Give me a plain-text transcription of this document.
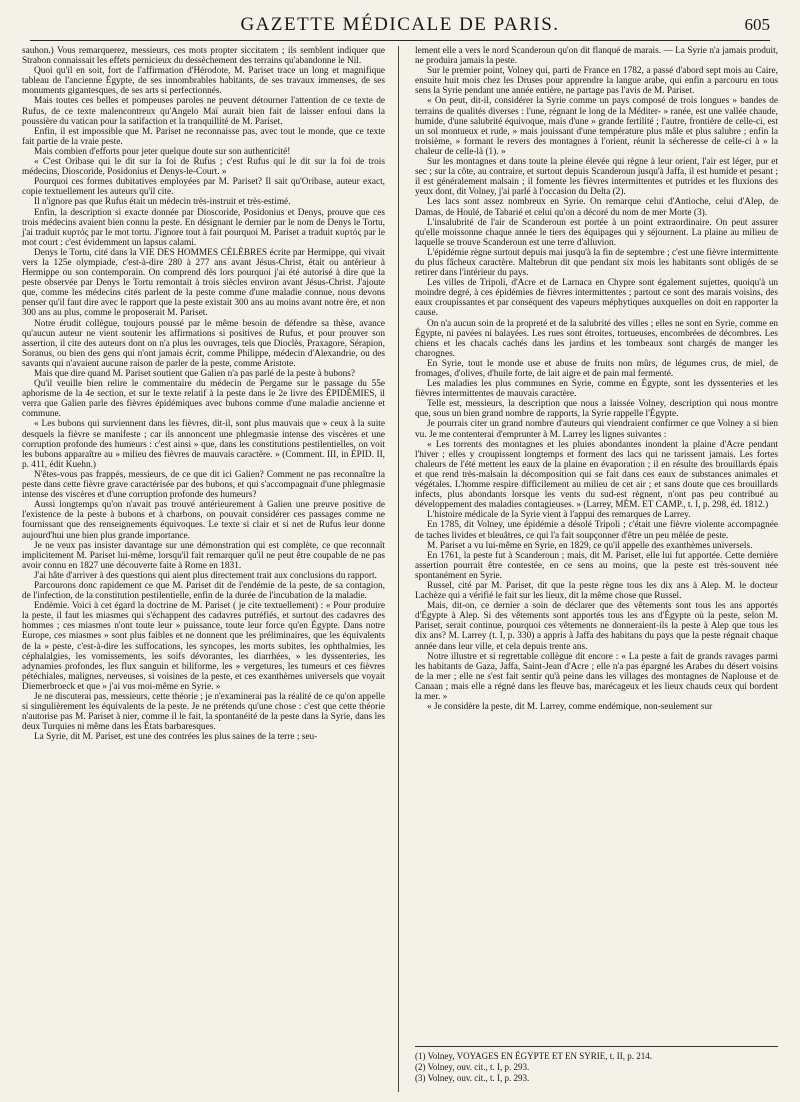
GAZETTE MÉDICALE DE PARIS.	605

sauhon.) Vous remarquerez, messieurs, ces mots propter siccitatem ; ils semblent indiquer que Strabon connaissait les effets pernicieux du dessèchement des terrains qu'abandonne le Nil.

Quoi qu'il en soit, fort de l'affirmation d'Hérodote, M. Pariset trace un long et magnifique tableau de l'ancienne Égypte, de ses innombrables habitants, de ses travaux immenses, de ses monuments gigantesques, de ses arts si perfectionnés.

Mais toutes ces belles et pompeuses paroles ne peuvent détourner l'attention de ce texte de Rufus, de ce texte malencontreux qu'Angelo Maï aurait bien fait de laisser enfoui dans la poussière du vatican pour la satifaction et la tranquillité de M. Pariset.

Enfin, il est impossible que M. Pariset ne reconnaisse pas, avec tout le monde, que ce texte fait partie de la vraie peste.

Mais combien d'efforts pour jeter quelque doute sur son authenticité!

« C'est Oribase qui le dit sur la foi de Rufus ; c'est Rufus qui le dit sur la foi de trois médecins, Dioscoride, Posidonius et Denys-le-Court. »

Pourquoi ces formes dubitatives employées par M. Pariset? Il sait qu'Oribase, auteur exact, copie textuellement les auteurs qu'il cite.

Il n'ignore pas que Rufus était un médecin très-instruit et très-estimé.

Enfin, la description si exacte donnée par Dioscoride, Posidonius et Denys, prouve que ces trois médecins avaient bien connu la peste. En désignant le dernier par le nom de Denys le Tortu, j'ai traduit κυρτός par le mot tortu. J'ignore tout à fait pourquoi M. Pariset a traduit κυρτός par le mot court : c'est évidemment un lapsus calami.

Denys le Tortu, cité dans la VIE DES HOMMES CÉLÈBRES écrite par Hermippe, qui vivait vers la 125e olympiade, c'est-à-dire 280 à 277 ans avant Jésus-Christ, était ou antérieur à Hermippe ou son contemporain. On comprend dès lors pourquoi j'ai été autorisé à dire que la peste observée par Denys le Tortu remontait à trois siècles environ avant Jésus-Christ. J'ajoute que, comme les médecins cités parlent de la peste comme d'une maladie connue, nous devons penser qu'il faut dire avec le rapport que la peste existait 300 ans au moins avant notre ère, et non 300 ans au plus, comme le proposerait M. Pariset.

Notre érudit collègue, toujours poussé par le même besoin de défendre sa thèse, avance qu'aucun auteur ne vient soutenir les affirmations si positives de Rufus, et pour prouver son assertion, il cite des auteurs dont on n'a plus les ouvrages, tels que Dioclès, Praxagore, Sérapion, Soranus, ou bien des gens qui n'ont jamais écrit, comme Philippe, médecin d'Alexandrie, ou des savants qui n'avaient aucune raison de parler de la peste, comme Aristote.

Mais que dire quand M. Pariset soutient que Galien n'a pas parlé de la peste à bubons?

Qu'il veuille bien relire le commentaire du médecin de Pergame sur le passage du 55e aphorisme de la 4e section, et sur le texte relatif à la peste dans le 2e livre des ÉPIDÉMIES, il verra que Galien parle des fièvres épidémiques avec bubons comme d'une maladie ancienne et commune.

« Les bubons qui surviennent dans les fièvres, dit-il, sont plus mauvais que » ceux à la suite desquels la fièvre se manifeste ; car ils annoncent une phlegmasie intense des viscères et une corruption profonde des humeurs : c'est ainsi » que, dans les constitutions pestilentielles, on voit les bubons apparaître au » milieu des fièvres de mauvais caractère. » (Comment. III, in ÉPID. II, p. 411, édit Kuehn.)

N'êtes-vous pas frappés, messieurs, de ce que dit ici Galien? Comment ne pas reconnaître la peste dans cette fièvre grave caractérisée par des bubons, et qui s'accompagnait d'une phlegmasie intense des viscères et d'une corruption profonde des humeurs?

Aussi longtemps qu'on n'avait pas trouvé antérieurement à Galien une preuve positive de l'existence de la peste à bubons et à charbons, on pouvait considérer ces passages comme ne fournissant que des renseignements équivoques. Le texte si clair et si net de Rufus leur donne aujourd'hui une bien plus grande importance.

Je ne veux pas insister davantage sur une démonstration qui est complète, ce que reconnaît implicitement M. Pariset lui-même, lorsqu'il fait remarquer qu'il ne peut être coupable de ne pas avoir connu en 1827 une découverte faite à Rome en 1831.

J'ai hâte d'arriver à des questions qui aient plus directement trait aux conclusions du rapport.

Parcourons donc rapidement ce que M. Pariset dit de l'endémie de la peste, de sa contagion, de l'infection, de la constitution pestilentielle, enfin de la durée de l'incubation de la maladie.

Endémie. Voici à cet égard la doctrine de M. Pariset ( je cite textuellement) : « Pour produire la peste, il faut les miasmes qui s'échappent des cadavres putréfiés, et surtout des cadavres des hommes ; ces miasmes n'ont toute leur » puissance, toute leur force qu'en Égypte. Dans notre Europe, ces miasmes » sont plus faibles et ne donnent que les préliminaires, que les équivalents de la » peste, c'est-à-dire les suffocations, les syncopes, les morts subites, les ophthalmies, les céphalalgies, les vomissements, les soifs dévorantes, les diarrhées, » les dyssenteries, les adynamies profondes, les flux sanguin et biliforme, les » vergetures, les tumeurs et ces fièvres pétéchiales, malignes, nerveuses, si voisines de la peste, et ces exanthèmes universels que voyait Diemerbroeck et que » j'ai vus moi-même en Syrie. »

Je ne discuterai pas, messieurs, cette théorie ; je n'examinerai pas la réalité de ce qu'on appelle si singulièrement les équivalents de la peste. Je ne prétends qu'une chose : c'est que cette théorie n'autorise pas M. Pariset à nier, comme il le fait, la spontanéité de la peste dans la Syrie, dans les deux Turquies ni même dans les États barbaresques.

La Syrie, dit M. Pariset, est une des contrées les plus saines de la terre ; seu-

lement elle a vers le nord Scanderoun qu'on dit flanqué de marais. — La Syrie n'a jamais produit, ne produira jamais la peste.

Sur le premier point, Volney qui, parti de France en 1782, a passé d'abord sept mois au Caire, ensuite huit mois chez les Druses pour apprendre la langue arabe, qui enfin a parcouru en tous sens la Syrie pendant une année entière, ne partage pas l'avis de M. Pariset.

« On peut, dit-il, considérer la Syrie comme un pays composé de trois longues » bandes de terrains de qualités diverses : l'une, régnant le long de la Méditer- » ranée, est une vallée chaude, humide, d'une salubrité équivoque, mais d'une » grande fertilité ; l'autre, frontière de celle-ci, est un sol montueux et rude, » mais jouissant d'une température plus mâle et plus salubre ; enfin la troisième, » formant le revers des montagnes à l'orient, réunit la sécheresse de celle-ci à » la chaleur de celle-là (1). »

Sur les montagnes et dans toute la pleine élevée qui règne à leur orient, l'air est léger, pur et sec ; sur la côte, au contraire, et surtout depuis Scanderoun jusqu'à Jaffa, il est humide et pesant ; il est généralement malsain ; il fomente les fièvres intermittentes et putrides et les fluxions des yeux dont, dit Volney, j'ai parlé à l'occasion du Delta (2).

Les lacs sont assez nombreux en Syrie. On remarque celui d'Antioche, celui d'Alep, de Damas, de Houlé, de Tabarié et celui qu'on a décoré du nom de mer Morte (3).

L'insalubrité de l'air de Scanderoun est portée à un point extraordinaire. On peut assurer qu'elle moissonne chaque année le tiers des équipages qui y séjournent. La plaine au milieu de laquelle se trouve Scanderoun est une terre d'alluvion.

L'épidémie règne surtout depuis mai jusqu'à la fin de septembre ; c'est une fièvre intermittente du plus fâcheux caractère. Maltebrun dit que pendant six mois les habitants sont obligés de se retirer dans l'intérieur du pays.

Les villes de Tripoli, d'Acre et de Larnaca en Chypre sont également sujettes, quoiqu'à un moindre degré, à ces épidémies de fièvres intermittentes ; partout ce sont des marais voisins, des eaux croupissantes et par conséquent des vapeurs méphytiques auxquelles on doit en rapporter la cause.

On n'a aucun soin de la propreté et de la salubrité des villes ; elles ne sont en Syrie, comme en Égypte, ni pavées ni balayées. Les rues sont étroites, tortueuses, encombrées de décombres. Les chiens et les chacals cachés dans les jardins et les tombeaux sont chargés de manger les charognes.

En Syrie, tout le monde use et abuse de fruits non mûrs, de légumes crus, de miel, de fromages, d'olives, d'huile forte, de lait aigre et de pain mal fermenté.

Les maladies les plus communes en Syrie, comme en Égypte, sont les dyssenteries et les fièvres intermittentes de mauvais caractère.

Telle est, messieurs, la description que nous a laissée Volney, description qui nous montre que, sous un bien grand nombre de rapports, la Syrie rappelle l'Égypte.

Je pourrais citer un grand nombre d'auteurs qui viendraient confirmer ce que Volney a si bien vu. Je me contenterai d'emprunter à M. Larrey les lignes suivantes :

« Les torrents des montagnes et les pluies abondantes inondent la plaine d'Acre pendant l'hiver ; elles y croupissent longtemps et forment des lacs qui ne tarissent jamais. Les fortes chaleurs de l'été mettent les eaux de la plaine en évaporation ; il en résulte des brouillards épais et que rend très-malsain la décomposition qui se fait dans ces eaux de substances animales et végétales. L'homme respire difficilement au milieu de cet air ; et sans doute que ces brouillards infects, plus abondants lorsque les vents du sud-est règnent, n'ont pas peu contribué au développement des maladies contagieuses. » (Larrey, MÉM. ET CAMP., t. I, p. 298, éd. 1812.)

L'histoire médicale de la Syrie vient à l'appui des remarques de Larrey.

En 1785, dit Volney, une épidémie a désolé Tripoli ; c'était une fièvre violente accompagnée de taches livides et bleuâtres, ce qui l'a fait soupçonner d'être un peu mêlée de peste.

M. Pariset a vu lui-même en Syrie, en 1829, ce qu'il appelle des exanthèmes universels.

En 1761, la peste fut à Scanderoun ; mais, dit M. Pariset, elle lui fut apportée. Cette dernière assertion pourrait être contestée, en ce sens au moins, que la peste est très-souvent née spontanément en Syrie.

Russel, cité par M. Pariset, dit que la peste règne tous les dix ans à Alep. M. le docteur Lachèze qui a vérifié le fait sur les lieux, dit la même chose que Russel.

Mais, dit-on, ce dernier a soin de déclarer que des vêtements sont tous les ans apportés d'Égypte à Alep. Si des vêtements sont apportés tous les ans d'Égypte où la peste, selon M. Pariset, serait continue, pourquoi ces vêtements ne donneraient-ils la peste à Alep que tous les dix ans? M. Larrey (t. I, p. 330) a appris à Jaffa des habitans du pays que la peste régnait chaque année dans leur ville, et cela depuis trente ans.

Notre illustre et si regrettable collègue dit encore : « La peste a fait de grands ravages parmi les habitants de Gaza, Jaffa, Saint-Jean d'Acre ; elle n'a pas épargné les Arabes du désert voisins de la mer ; elle ne s'est fait sentir qu'à peine dans les villages des montagnes de Naplouse et de Canaan ; mais elle a régné dans les fleuve bas, marécageux et les lieux chauds ceux qui bordent la mer. »

« Je considère la peste, dit M. Larrey, comme endémique, non-seulement sur

(1) Volney, VOYAGES EN ÉGYPTE ET EN SYRIE, t. II, p. 214.

(2) Volney, ouv. cit., t. I, p. 293.

(3) Volney, ouv. cit., t. I, p. 293.
